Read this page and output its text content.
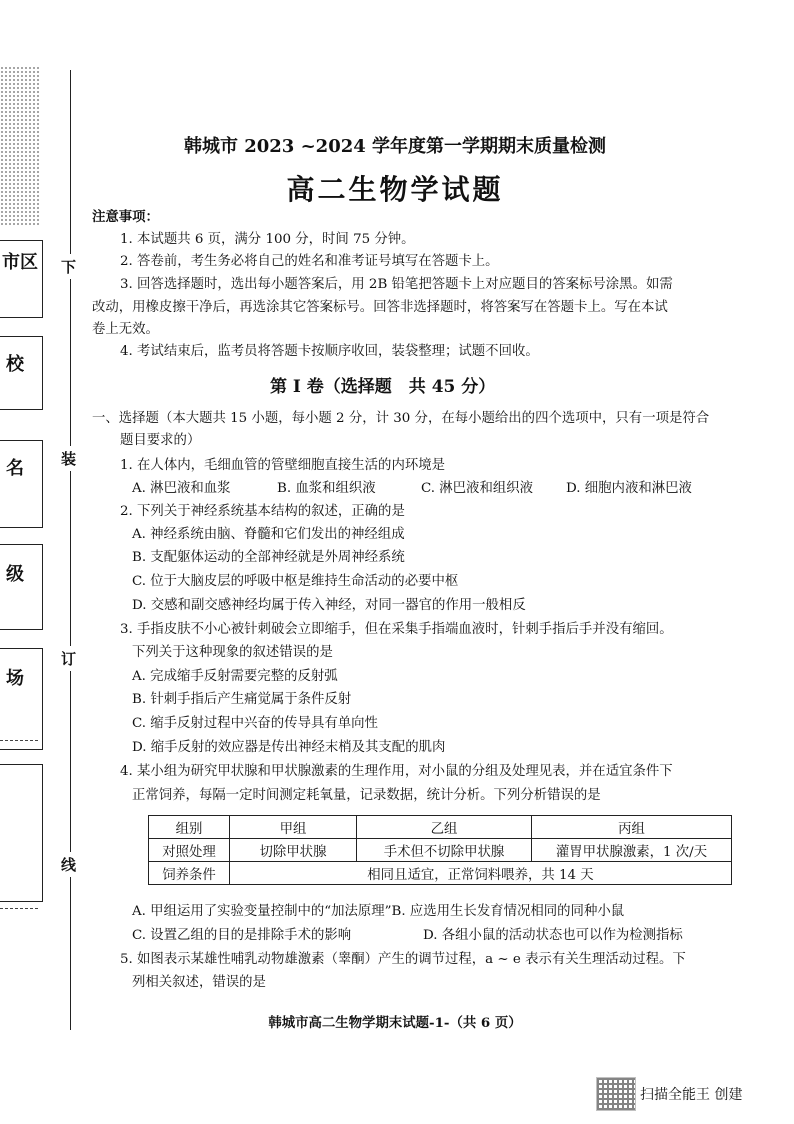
下
装
订
线
市区
校
名
级
场
韩城市 2023 ~2024 学年度第一学期期末质量检测
高二生物学试题
注意事项：
1. 本试题共 6 页，满分 100 分，时间 75 分钟。
2. 答卷前，考生务必将自己的姓名和准考证号填写在答题卡上。
3. 回答选择题时，选出每小题答案后，用 2B 铅笔把答题卡上对应题目的答案标号涂黑。如需
改动，用橡皮擦干净后，再选涂其它答案标号。回答非选择题时，将答案写在答题卡上。写在本试
卷上无效。
4. 考试结束后，监考员将答题卡按顺序收回，装袋整理；试题不回收。
第 I 卷（选择题　共 45 分）
一、选择题（本大题共 15 小题，每小题 2 分，计 30 分，在每小题给出的四个选项中，只有一项是符合
题目要求的）
1. 在人体内，毛细血管的管壁细胞直接生活的内环境是
A. 淋巴液和血浆	B. 血浆和组织液	C. 淋巴液和组织液 D. 细胞内液和淋巴液
2. 下列关于神经系统基本结构的叙述，正确的是
A. 神经系统由脑、脊髓和它们发出的神经组成
B. 支配躯体运动的全部神经就是外周神经系统
C. 位于大脑皮层的呼吸中枢是维持生命活动的必要中枢
D. 交感和副交感神经均属于传入神经，对同一器官的作用一般相反
3. 手指皮肤不小心被针刺破会立即缩手，但在采集手指端血液时，针刺手指后手并没有缩回。
下列关于这种现象的叙述错误的是
A. 完成缩手反射需要完整的反射弧
B. 针刺手指后产生痛觉属于条件反射
C. 缩手反射过程中兴奋的传导具有单向性
D. 缩手反射的效应器是传出神经末梢及其支配的肌肉
4. 某小组为研究甲状腺和甲状腺激素的生理作用，对小鼠的分组及处理见表，并在适宜条件下
正常饲养，每隔一定时间测定耗氧量，记录数据，统计分析。下列分析错误的是
组别	甲组	乙组	丙组
对照处理	切除甲状腺	手术但不切除甲状腺	灌胃甲状腺激素，1 次/天
饲养条件	相同且适宜，正常饲料喂养，共 14 天		
A. 甲组运用了实验变量控制中的“加法原理”B. 应选用生长发育情况相同的同种小鼠
C. 设置乙组的目的是排除手术的影响	D. 各组小鼠的活动状态也可以作为检测指标
5. 如图表示某雄性哺乳动物雄激素（睾酮）产生的调节过程，a ~ e 表示有关生理活动过程。下
列相关叙述，错误的是
韩城市高二生物学期末试题-1-（共 6 页）
扫描全能王 创建
